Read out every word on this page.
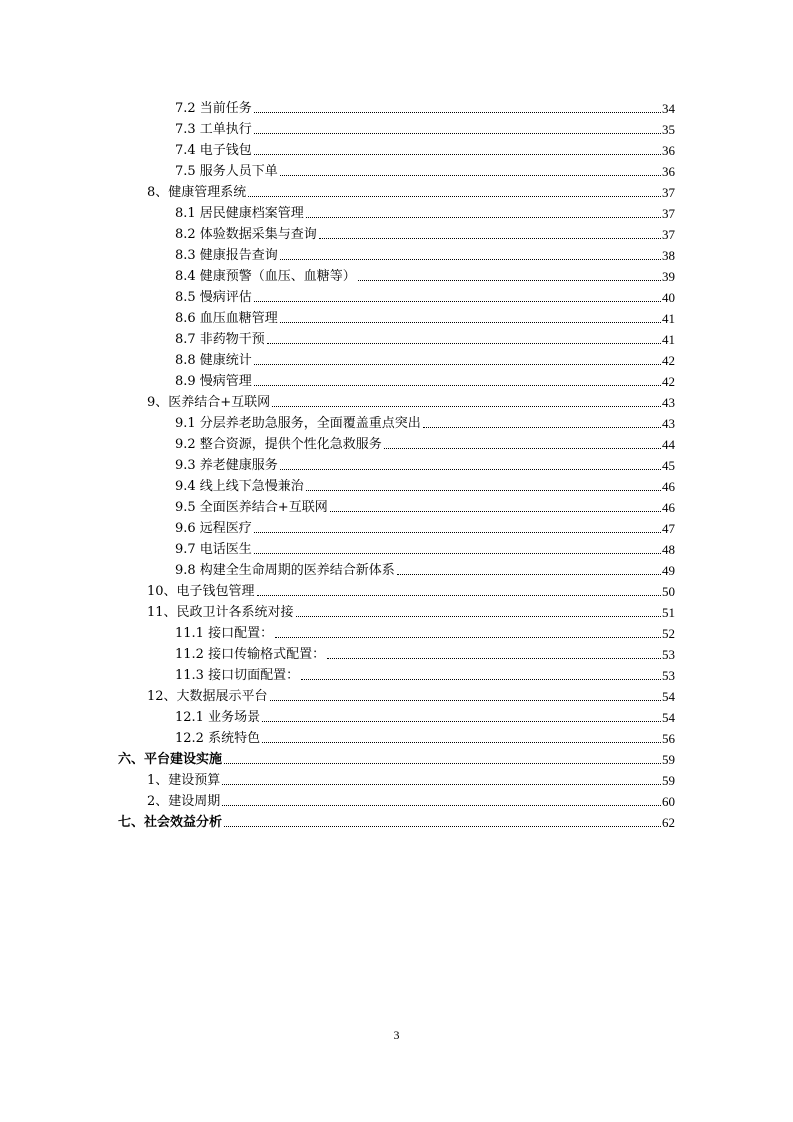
7.2 当前任务	34
7.3 工单执行	35
7.4 电子钱包	36
7.5 服务人员下单	36
8、健康管理系统	37
8.1 居民健康档案管理	37
8.2 体验数据采集与查询	37
8.3 健康报告查询	38
8.4 健康预警（血压、血糖等）	39
8.5 慢病评估	40
8.6 血压血糖管理	41
8.7 非药物干预	41
8.8 健康统计	42
8.9 慢病管理	42
9、医养结合+互联网	43
9.1 分层养老助急服务，全面覆盖重点突出	43
9.2 整合资源，提供个性化急救服务	44
9.3 养老健康服务	45
9.4 线上线下急慢兼治	46
9.5 全面医养结合+互联网	46
9.6 远程医疗	47
9.7 电话医生	48
9.8 构建全生命周期的医养结合新体系	49
10、电子钱包管理	50
11、民政卫计各系统对接	51
11.1 接口配置：	52
11.2 接口传输格式配置：	53
11.3 接口切面配置：	53
12、大数据展示平台	54
12.1 业务场景	54
12.2 系统特色	56
六、平台建设实施	59
1、建设预算	59
2、建设周期	60
七、社会效益分析	62
3
